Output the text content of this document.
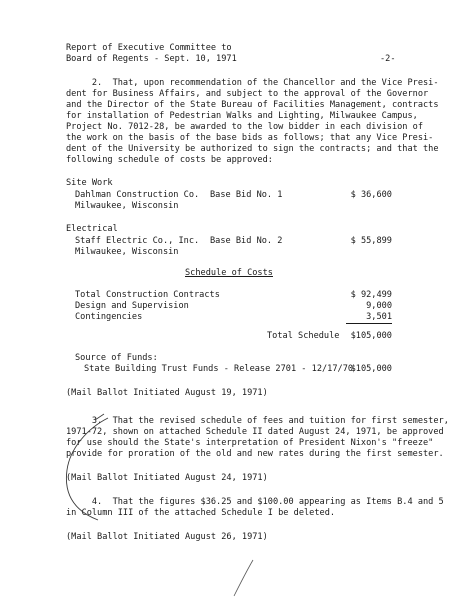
Report of Executive Committee to
Board of Regents - Sept. 10, 1971	-2-
2.  That, upon recommendation of the Chancellor and the Vice Presi-
dent for Business Affairs, and subject to the approval of the Governor
and the Director of the State Bureau of Facilities Management, contracts
for installation of Pedestrian Walks and Lighting, Milwaukee Campus,
Project No. 7012-28, be awarded to the low bidder in each division of
the work on the basis of the base bids as follows; that any Vice Presi-
dent of the University be authorized to sign the contracts; and that the
following schedule of costs be approved:
Site Work
Dahlman Construction Co. Base Bid No. 1	$ 36,600
Milwaukee, Wisconsin
Electrical
Staff Electric Co., Inc. Base Bid No. 2	$ 55,899
Milwaukee, Wisconsin
Schedule of Costs
Total Construction Contracts	$ 92,499
Design and Supervision	9,000
Contingencies	3,501
Total Schedule $105,000
Source of Funds:
State Building Trust Funds - Release 2701 - 12/17/70
$105,000
(Mail Ballot Initiated August 19, 1971)
3.  That the revised schedule of fees and tuition for first semester,
1971-72, shown on attached Schedule II dated August 24, 1971, be approved
for use should the State's interpretation of President Nixon's "freeze"
provide for proration of the old and new rates during the first semester.
(Mail Ballot Initiated August 24, 1971)
4.  That the figures $36.25 and $100.00 appearing as Items B.4 and 5
in Column III of the attached Schedule I be deleted.
(Mail Ballot Initiated August 26, 1971)
